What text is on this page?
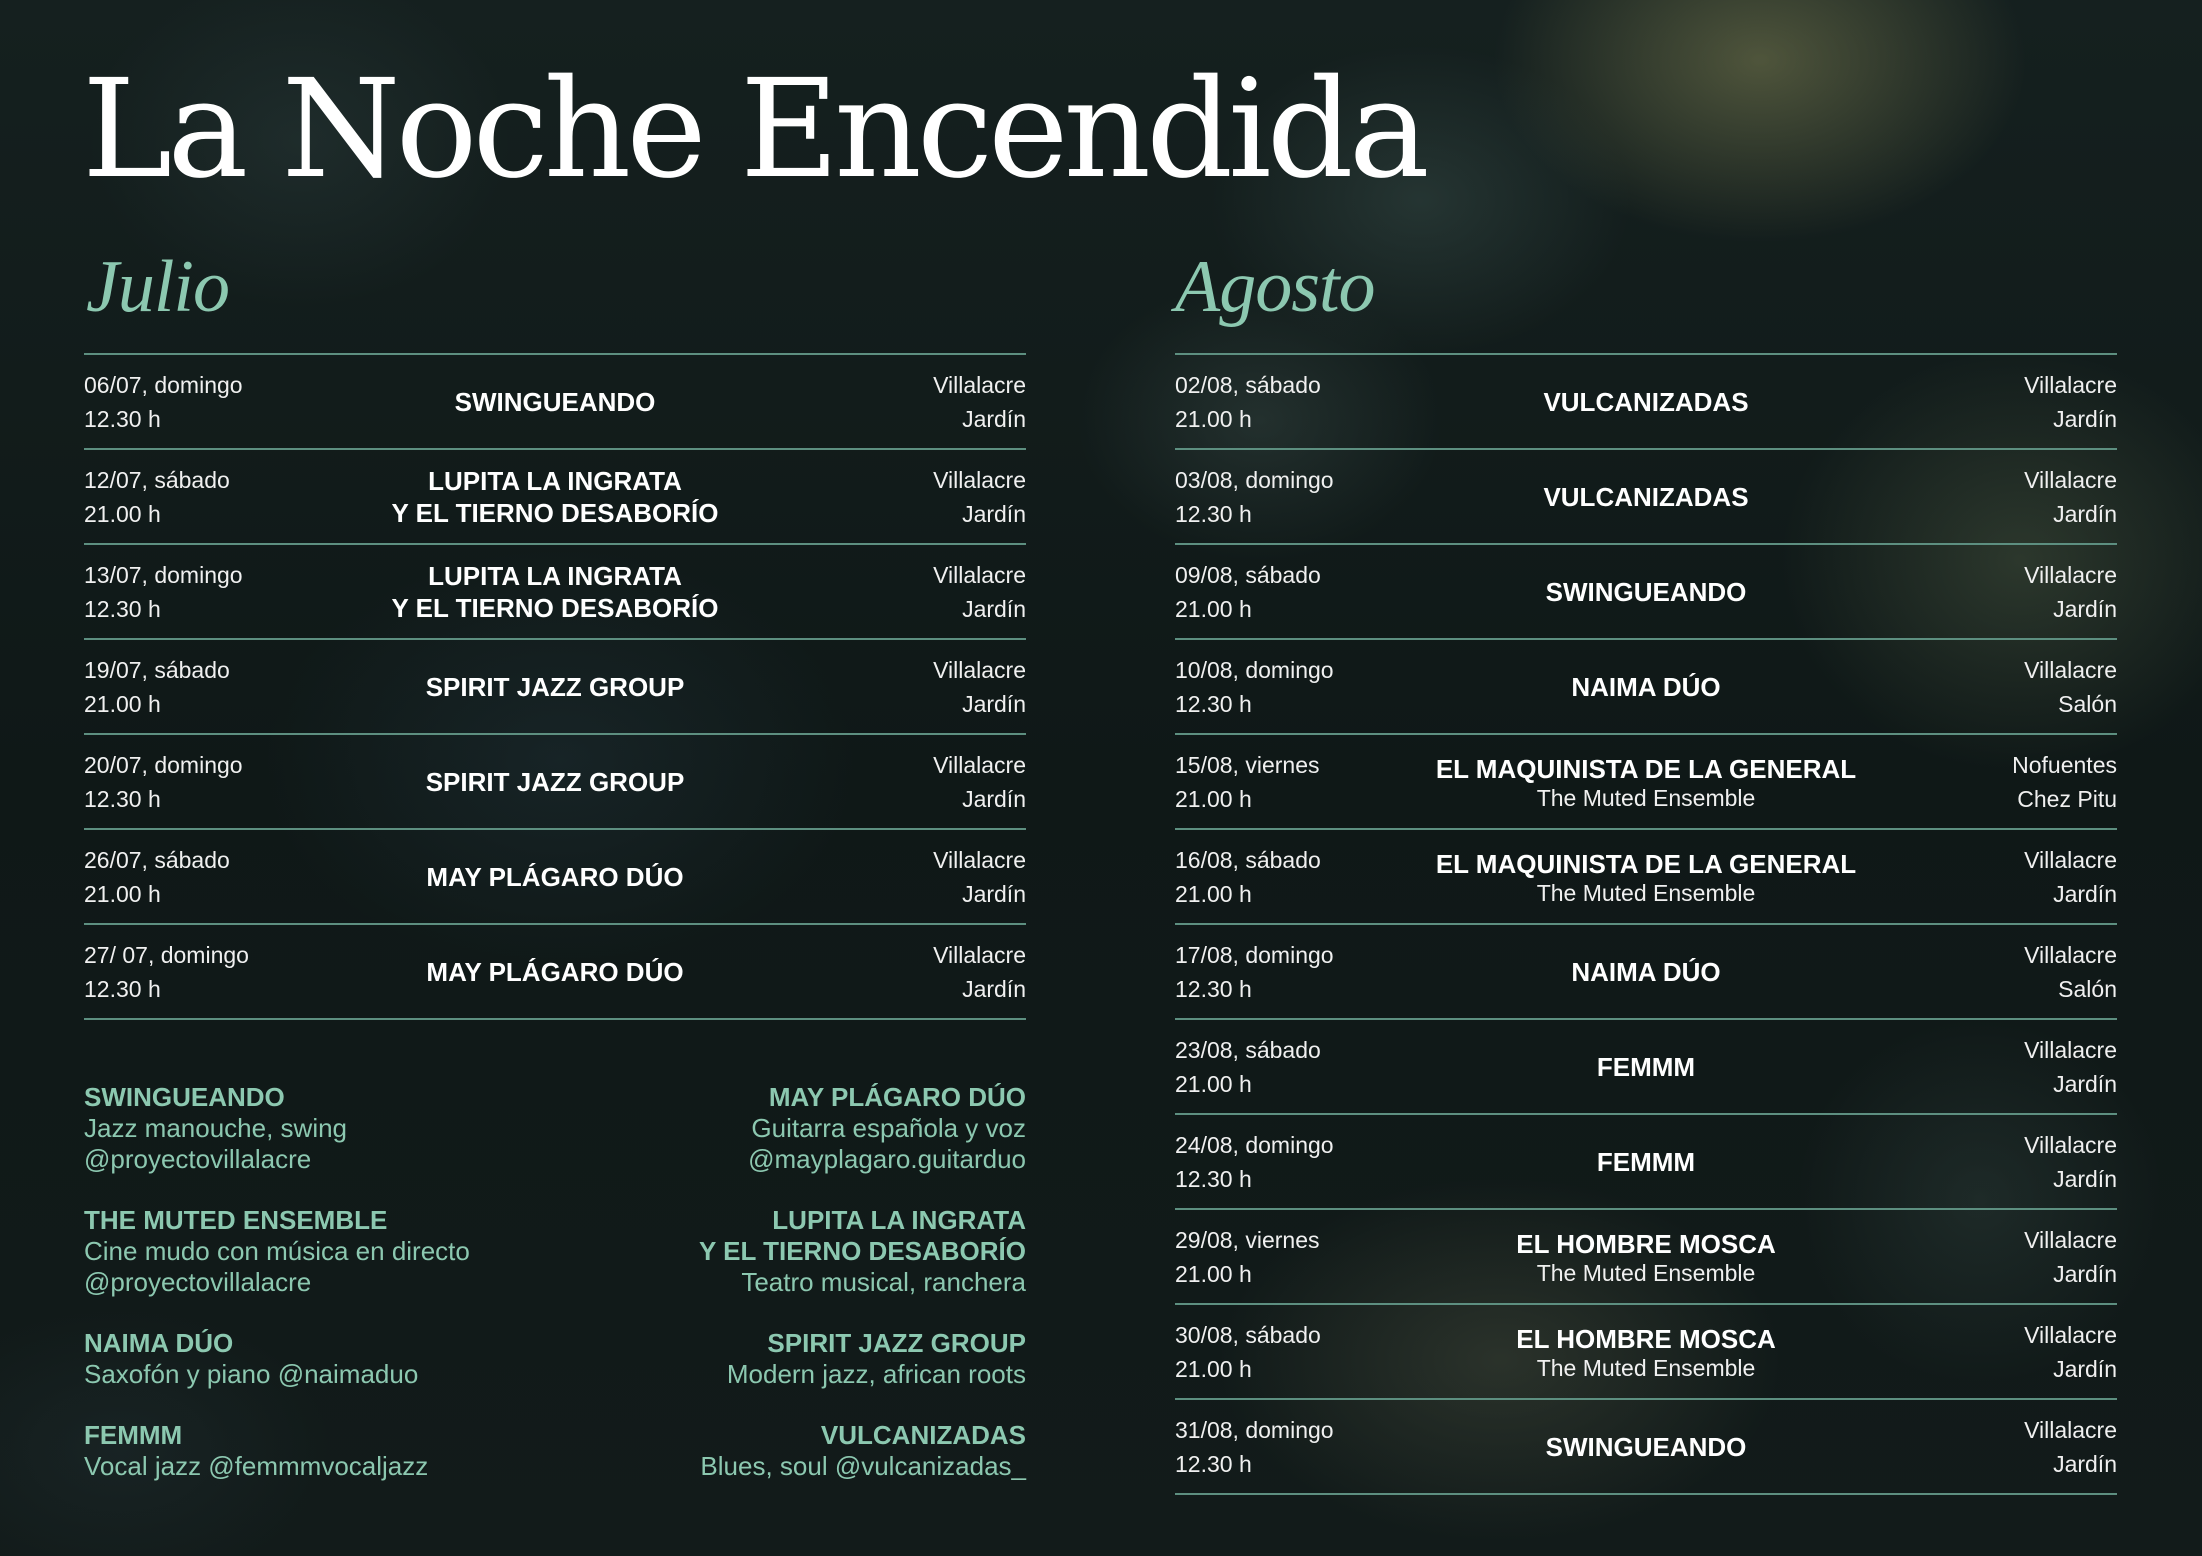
La Noche Encendida
Julio	Agosto
06/07, domingo
12.30 h
SWINGUEANDO
Villalacre
Jardín
12/07, sábado
21.00 h
LUPITA LA INGRATA
Y EL TIERNO DESABORÍO
Villalacre
Jardín
13/07, domingo
12.30 h
LUPITA LA INGRATA
Y EL TIERNO DESABORÍO
Villalacre
Jardín
19/07, sábado
21.00 h
SPIRIT JAZZ GROUP
Villalacre
Jardín
20/07, domingo
12.30 h
SPIRIT JAZZ GROUP
Villalacre
Jardín
26/07, sábado
21.00 h
MAY PLÁGARO DÚO
Villalacre
Jardín
27/ 07, domingo
12.30 h
MAY PLÁGARO DÚO
Villalacre
Jardín
02/08, sábado
21.00 h
VULCANIZADAS
Villalacre
Jardín
03/08, domingo
12.30 h
VULCANIZADAS
Villalacre
Jardín
09/08, sábado
21.00 h
SWINGUEANDO
Villalacre
Jardín
10/08, domingo
12.30 h
NAIMA DÚO
Villalacre
Salón
15/08, viernes
21.00 h
EL MAQUINISTA DE LA GENERAL
The Muted Ensemble
Nofuentes
Chez Pitu
16/08, sábado
21.00 h
EL MAQUINISTA DE LA GENERAL
The Muted Ensemble
Villalacre
Jardín
17/08, domingo
12.30 h
NAIMA DÚO
Villalacre
Salón
23/08, sábado
21.00 h
FEMMM
Villalacre
Jardín
24/08, domingo
12.30 h
FEMMM
Villalacre
Jardín
29/08, viernes
21.00 h
EL HOMBRE MOSCA
The Muted Ensemble
Villalacre
Jardín
30/08, sábado
21.00 h
EL HOMBRE MOSCA
The Muted Ensemble
Villalacre
Jardín
31/08, domingo
12.30 h
SWINGUEANDO
Villalacre
Jardín
SWINGUEANDO
Jazz manouche, swing
@proyectovillalacre
THE MUTED ENSEMBLE
Cine mudo con música en directo
@proyectovillalacre
NAIMA DÚO
Saxofón y piano @naimaduo
FEMMM
Vocal jazz @femmmvocaljazz
MAY PLÁGARO DÚO
Guitarra española y voz
@mayplagaro.guitarduo
LUPITA LA INGRATA
Y EL TIERNO DESABORÍO
Teatro musical, ranchera
SPIRIT JAZZ GROUP
Modern jazz, african roots
VULCANIZADAS
Blues, soul @vulcanizadas_
